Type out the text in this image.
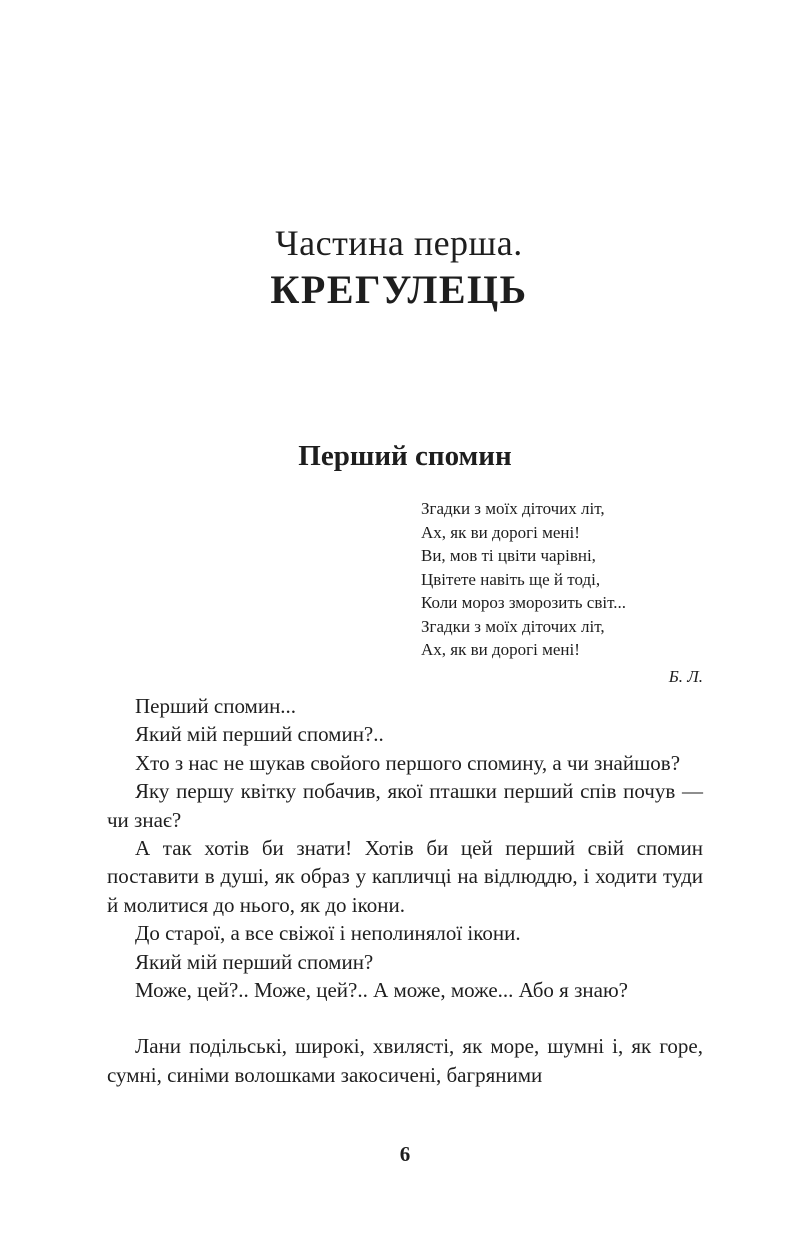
Частина перша.
КРЕГУЛЕЦЬ
Перший спомин
Згадки з моїх діточих літ,
Ах, як ви дорогі мені!
Ви, мов ті цвіти чарівні,
Цвітете навіть ще й тоді,
Коли мороз зморозить світ...
Згадки з моїх діточих літ,
Ах, як ви дорогі мені!
Б. Л.

Перший спомин...

Який мій перший спомин?..

Хто з нас не шукав свойого першого спомину, а чи знайшов?

Яку першу квітку побачив, якої пташки перший спів почув — чи знає?

А так хотів би знати! Хотів би цей перший свій спомин поставити в душі, як образ у капличці на відлюддю, і ходити туди й молитися до нього, як до ікони.

До старої, а все свіжої і неполинялої ікони.

Який мій перший спомин?

Може, цей?.. Може, цей?.. А може, може... Або я знаю?

Лани подільські, широкі, хвилясті, як море, шумні і, як горе, сумні, синіми волошками закосичені, багряними

6
